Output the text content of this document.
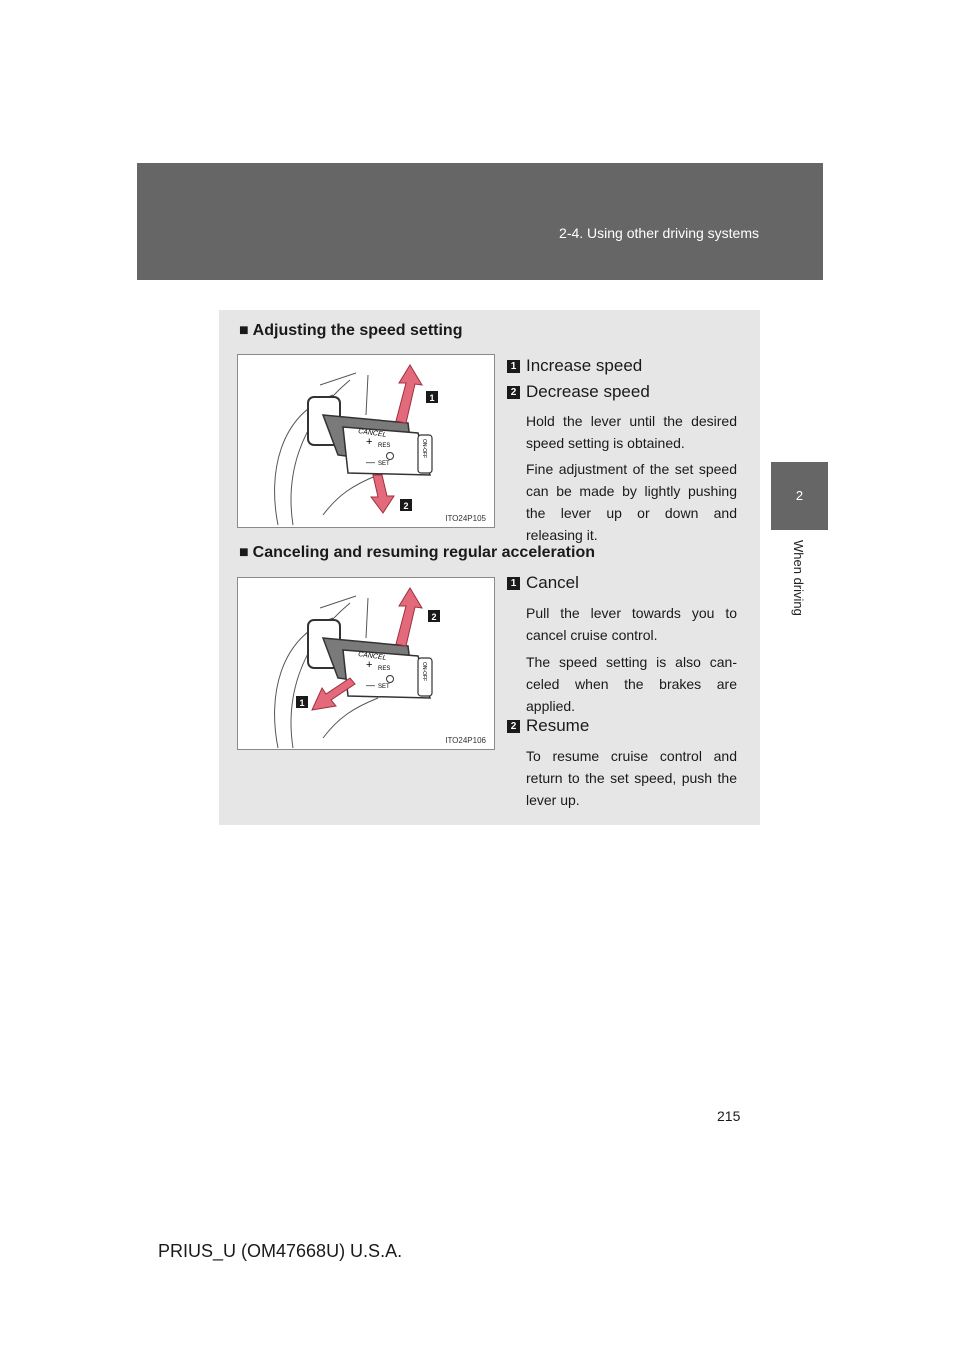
2-4. Using other driving systems
2
When driving
■ Adjusting the speed setting
CANCEL
+ RES
— SET
ON-OFF
1
2
ITO24P105
1 Increase speed
2 Decrease speed
Hold the lever until the desired speed setting is obtained.
Fine adjustment of the set speed can be made by lightly pushing the lever up or down and releasing it.
■ Canceling and resuming regular acceleration
CANCEL
+ RES
— SET
ON-OFF
2
1
ITO24P106
1 Cancel
Pull the lever towards you to cancel cruise control.
The speed setting is also can-celed when the brakes are applied.
2 Resume
To resume cruise control and return to the set speed, push the lever up.
215
PRIUS_U (OM47668U) U.S.A.
